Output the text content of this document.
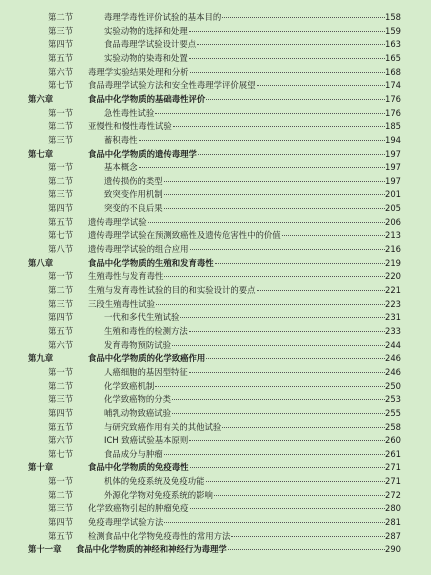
第二节	毒理学毒性评价试验的基本目的	158
第三节	实验动物的选择和处理	159
第四节	食品毒理学试验设计要点	163
第五节	实验动物的染毒和处置	165
第六节 毒理学实验结果处理和分析	168
第七节 食品毒理学试验方法和安全性毒理学评价展望	174
第六章	食品中化学物质的基础毒性评价	176
第一节	急性毒性试验	176
第二节 亚慢性和慢性毒性试验	185
第三节	蓄积毒性	194
第七章	食品中化学物质的遗传毒理学	197
第一节	基本概念	197
第二节	遗传损伤的类型	197
第三节	致突变作用机制	201
第四节	突变的不良后果	205
第五节 遗传毒理学试验	206
第七节 遗传毒理学试验在预测致癌性及遗传危害性中的价值	213
第八节 遗传毒理学试验的组合应用	216
第八章	食品中化学物质的生殖和发育毒性	219
第一节 生殖毒性与发育毒性	220
第二节 生殖与发育毒性试验的目的和实验设计的要点	221
第三节 三段生殖毒性试验	223
第四节	一代和多代生殖试验	231
第五节	生殖和毒性的检测方法	233
第六节	发育毒物预防试验	244
第九章	食品中化学物质的化学致癌作用	246
第一节	人癌细胞的基因型特征	246
第二节	化学致癌机制	250
第三节	化学致癌物的分类	253
第四节	哺乳动物致癌试验	255
第五节	与研究致癌作用有关的其他试验	258
第六节	ICH 致癌试验基本原则	260
第七节	食品成分与肿瘤	261
第十章	食品中化学物质的免疫毒性	271
第一节	机体的免疫系统及免疫功能	271
第二节	外源化学物对免疫系统的影响	272
第三节 化学致癌物引起的肿瘤免疫	280
第四节 免疫毒理学试验方法	281
第五节 检测食品中化学物免疫毒性的常用方法	287
第十一章 食品中化学物质的神经和神经行为毒理学	290
